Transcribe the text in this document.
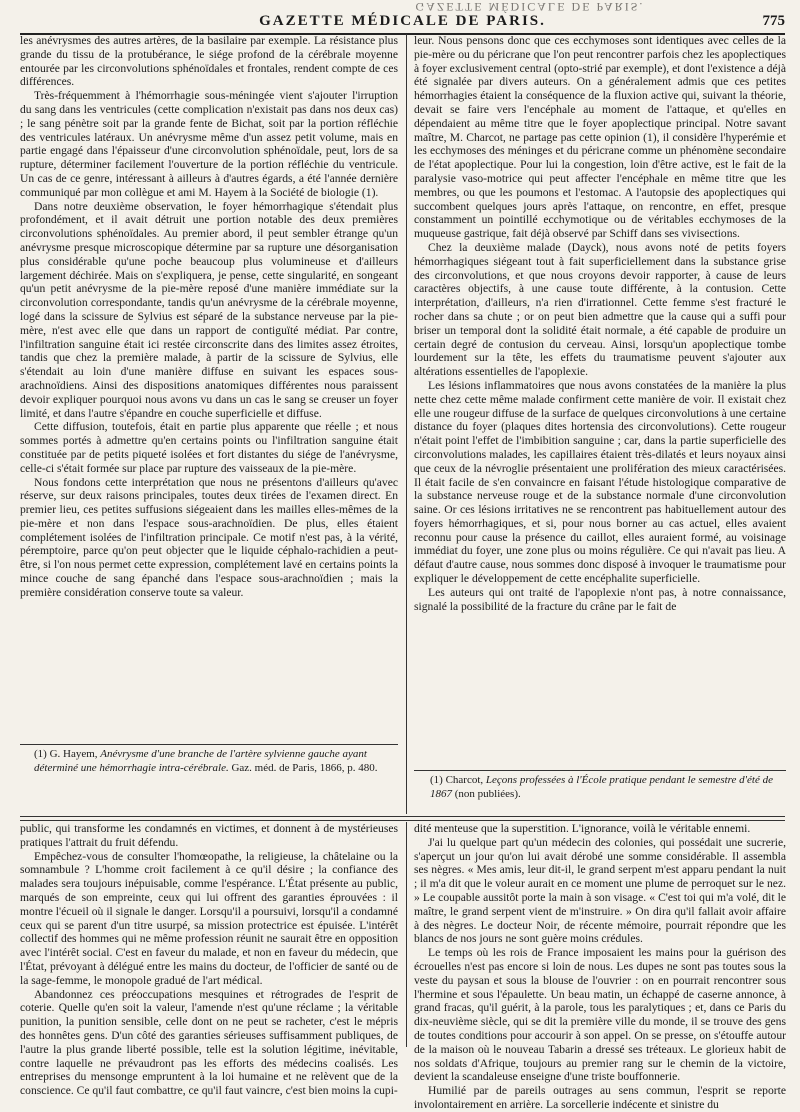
GAZETTE MÉDICALE DE PARIS.
GAZETTE MÉDICALE DE PARIS.	775

les anévrysmes des autres artères, de la basilaire par exemple. La résistance plus grande du tissu de la protubérance, le siége profond de la cérébrale moyenne entourée par les circonvolutions sphénoïdales et frontales, rendent compte de ces différences.

Très-fréquemment à l'hémorrhagie sous-méningée vient s'ajouter l'irruption du sang dans les ventricules (cette complication n'existait pas dans nos deux cas) ; le sang pénètre soit par la grande fente de Bichat, soit par la portion réfléchie des ventricules latéraux. Un anévrysme même d'un assez petit volume, mais en partie engagé dans l'épaisseur d'une circonvolution sphénoïdale, peut, lors de sa rupture, déterminer facilement l'ouverture de la portion réfléchie du ventricule. Un cas de ce genre, intéressant à ailleurs à d'autres égards, a été l'année dernière communiqué par mon collègue et ami M. Hayem à la Société de biologie (1).

Dans notre deuxième observation, le foyer hémorrhagique s'étendait plus profondément, et il avait détruit une portion notable des deux premières circonvolutions sphénoïdales. Au premier abord, il peut sembler étrange qu'un anévrysme presque microscopique détermine par sa rupture une désorganisation plus considérable qu'une poche beaucoup plus volumineuse et d'ailleurs largement déchirée. Mais on s'expliquera, je pense, cette singularité, en songeant qu'un petit anévrysme de la pie-mère reposé d'une manière immédiate sur la circonvolution correspondante, tandis qu'un anévrysme de la cérébrale moyenne, logé dans la scissure de Sylvius est séparé de la substance nerveuse par la pie-mère, n'est avec elle que dans un rapport de contiguïté médiat. Par contre, l'infiltration sanguine était ici restée circonscrite dans des limites assez étroites, tandis que chez la première malade, à partir de la scissure de Sylvius, elle s'étendait au loin d'une manière diffuse en suivant les espaces sous-arachnoïdiens. Ainsi des dispositions anatomiques différentes nous paraissent devoir expliquer pourquoi nous avons vu dans un cas le sang se creuser un foyer limité, et dans l'autre s'épandre en couche superficielle et diffuse.

Cette diffusion, toutefois, était en partie plus apparente que réelle ; et nous sommes portés à admettre qu'en certains points ou l'infiltration sanguine était constituée par de petits piqueté isolées et fort distantes du siége de l'anévrysme, celle-ci s'était formée sur place par rupture des vaisseaux de la pie-mère.

Nous fondons cette interprétation que nous ne présentons d'ailleurs qu'avec réserve, sur deux raisons principales, toutes deux tirées de l'examen direct. En premier lieu, ces petites suffusions siégeaient dans les mailles elles-mêmes de la pie-mère et non dans l'espace sous-arachnoïdien. De plus, elles étaient complétement isolées de l'infiltration principale. Ce motif n'est pas, à la vérité, péremptoire, parce qu'on peut objecter que le liquide céphalo-rachidien a peut-être, si l'on nous permet cette expression, complétement lavé en certains points la mince couche de sang épanché dans l'espace sous-arachnoïdien ; mais la première considération conserve toute sa valeur.

leur. Nous pensons donc que ces ecchymoses sont identiques avec celles de la pie-mère ou du péricrane que l'on peut rencontrer parfois chez les apoplectiques à foyer exclusivement central (opto-strié par exemple), et dont l'existence a déjà été signalée par divers auteurs. On a généralement admis que ces petites hémorrhagies étaient la conséquence de la fluxion active qui, suivant la théorie, devait se faire vers l'encéphale au moment de l'attaque, et qu'elles en dépendaient au même titre que le foyer apoplectique principal. Notre savant maître, M. Charcot, ne partage pas cette opinion (1), il considère l'hyperémie et les ecchymoses des méninges et du péricrane comme un phénomène secondaire de l'état apoplectique. Pour lui la congestion, loin d'être active, est le fait de la paralysie vaso-motrice qui peut affecter l'encéphale en même titre que les membres, ou que les poumons et l'estomac. A l'autopsie des apoplectiques qui succombent quelques jours après l'attaque, on rencontre, en effet, presque constamment un pointillé ecchymotique ou de véritables ecchymoses de la muqueuse gastrique, fait déjà observé par Schiff dans ses vivisections.

Chez la deuxième malade (Dayck), nous avons noté de petits foyers hémorrhagiques siégeant tout à fait superficiellement dans la substance grise des circonvolutions, et que nous croyons devoir rapporter, à cause de leurs caractères objectifs, à une cause toute différente, à la contusion. Cette interprétation, d'ailleurs, n'a rien d'irrationnel. Cette femme s'est fracturé le rocher dans sa chute ; or on peut bien admettre que la cause qui a suffi pour briser un temporal dont la solidité était normale, a été capable de produire un certain degré de contusion du cerveau. Ainsi, lorsqu'un apoplectique tombe lourdement sur la tête, les effets du traumatisme peuvent s'ajouter aux altérations essentielles de l'apoplexie.

Les lésions inflammatoires que nous avons constatées de la manière la plus nette chez cette même malade confirment cette manière de voir. Il existait chez elle une rougeur diffuse de la surface de quelques circonvolutions à une certaine distance du foyer (plaques dites hortensia des circonvolutions). Cette rougeur n'était point l'effet de l'imbibition sanguine ; car, dans la partie superficielle des circonvolutions malades, les capillaires étaient très-dilatés et leurs noyaux ainsi que ceux de la névroglie présentaient une prolifération des mieux caractérisées. Il était facile de s'en convaincre en faisant l'étude histologique comparative de la substance nerveuse rouge et de la substance normale d'une circonvolution saine. Or ces lésions irritatives ne se rencontrent pas habituellement autour des foyers hémorrhagiques, et si, pour nous borner au cas actuel, elles avaient reconnu pour cause la présence du caillot, elles auraient formé, au voisinage immédiat du foyer, une zone plus ou moins régulière. Ce qui n'avait pas lieu. A défaut d'autre cause, nous sommes donc disposé à invoquer le traumatisme pour expliquer le développement de cette encéphalite superficielle.

Les auteurs qui ont traité de l'apoplexie n'ont pas, à notre connaissance, signalé la possibilité de la fracture du crâne par le fait de

(1) G. Hayem, Anévrysme d'une branche de l'artère sylvienne gauche ayant déterminé une hémorrhagie intra-cérébrale. Gaz. méd. de Paris, 1866, p. 480.
(1) Charcot, Leçons professées à l'École pratique pendant le semestre d'été de 1867 (non publiées).

public, qui transforme les condamnés en victimes, et donnent à de mystérieuses pratiques l'attrait du fruit défendu.

Empêchez-vous de consulter l'homœopathe, la religieuse, la châtelaine ou la somnambule ? L'homme croit facilement à ce qu'il désire ; la confiance des malades sera toujours inépuisable, comme l'espérance. L'État présente au public, marqués de son empreinte, ceux qui lui offrent des garanties éprouvées : il montre l'écueil où il signale le danger. Lorsqu'il a poursuivi, lorsqu'il a condamné ceux qui se parent d'un titre usurpé, sa mission protectrice est épuisée. L'intérêt collectif des hommes qui ne même profession réunit ne saurait être en opposition avec l'intérêt social. C'est en faveur du malade, et non en faveur du médecin, que l'État, prévoyant à délégué entre les mains du docteur, de l'officier de santé ou de la sage-femme, le monopole gradué de l'art médical.

Abandonnez ces préoccupations mesquines et rétrogrades de l'esprit de coterie. Quelle qu'en soit la valeur, l'amende n'est qu'une réclame ; la véritable punition, la punition sensible, celle dont on ne peut se racheter, c'est le mépris des honnêtes gens. D'un côté des garanties sérieuses suffisamment publiques, de l'autre la plus grande liberté possible, telle est la solution légitime, inévitable, contre laquelle ne prévaudront pas les efforts des médecins coalisés. Les entreprises du mensonge empruntent à la loi humaine et ne relèvent que de la conscience. Ce qu'il faut combattre, ce qu'il faut vaincre, c'est bien moins la cupi-

dité menteuse que la superstition. L'ignorance, voilà le véritable ennemi.

J'ai lu quelque part qu'un médecin des colonies, qui possédait une sucrerie, s'aperçut un jour qu'on lui avait dérobé une somme considérable. Il assembla ses nègres. « Mes amis, leur dit-il, le grand serpent m'est apparu pendant la nuit ; il m'a dit que le voleur aurait en ce moment une plume de perroquet sur le nez. » Le coupable aussitôt porte la main à son visage. « C'est toi qui m'a volé, dit le maître, le grand serpent vient de m'instruire. » On dira qu'il fallait avoir affaire à des nègres. Le docteur Noir, de récente mémoire, pourrait répondre que les blancs de nos jours ne sont guère moins crédules.

Le temps où les rois de France imposaient les mains pour la guérison des écrouelles n'est pas encore si loin de nous. Les dupes ne sont pas toutes sous la veste du paysan et sous la blouse de l'ouvrier : on en pourrait rencontrer sous l'hermine et sous l'épaulette. Un beau matin, un échappé de caserne annonce, à grand fracas, qu'il guérit, à la parole, tous les paralytiques ; et, dans ce Paris du dix-neuvième siècle, qui se dit la première ville du monde, il se trouve des gens de toutes conditions pour accourir à son appel. On se presse, on s'étouffe autour de la maison où le nouveau Tabarin a dressé ses tréteaux. Le glorieux habit de nos soldats d'Afrique, toujours au premier rang sur le chemin de la victoire, devient la scandaleuse enseigne d'une triste bouffonnerie.

Humilié par de pareils outrages au sens commun, l'esprit se reporte involontairement en arrière. La sorcellerie indécente et sinistre du
